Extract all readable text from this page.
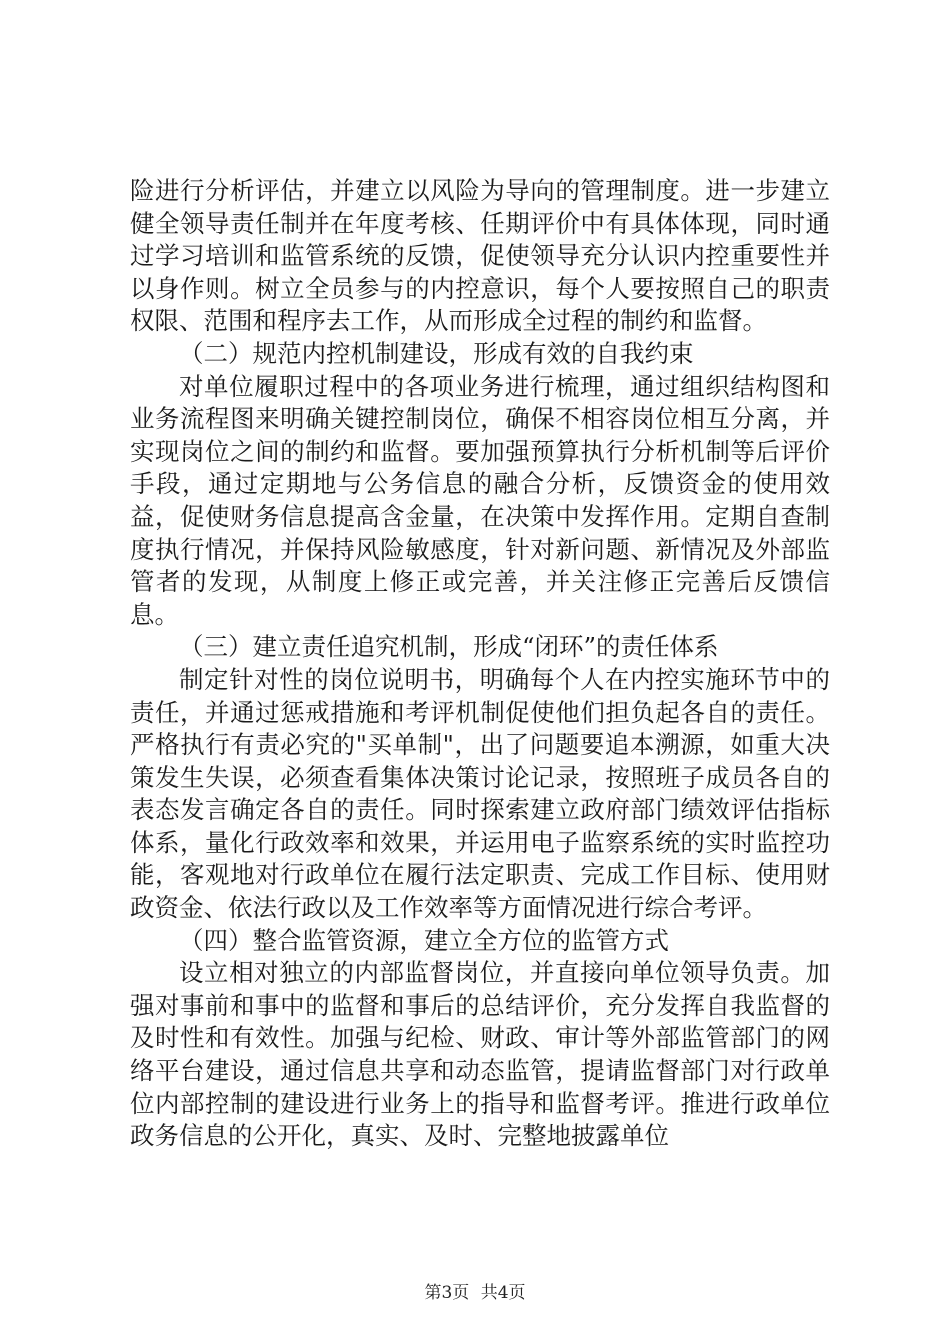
险进行分析评估，并建立以风险为导向的管理制度。进一步建立健全领导责任制并在年度考核、任期评价中有具体体现，同时通过学习培训和监管系统的反馈，促使领导充分认识内控重要性并以身作则。树立全员参与的内控意识，每个人要按照自己的职责权限、范围和程序去工作，从而形成全过程的制约和监督。

（二）规范内控机制建设，形成有效的自我约束

对单位履职过程中的各项业务进行梳理，通过组织结构图和业务流程图来明确关键控制岗位，确保不相容岗位相互分离，并实现岗位之间的制约和监督。要加强预算执行分析机制等后评价手段，通过定期地与公务信息的融合分析，反馈资金的使用效益，促使财务信息提高含金量，在决策中发挥作用。定期自查制度执行情况，并保持风险敏感度，针对新问题、新情况及外部监管者的发现，从制度上修正或完善，并关注修正完善后反馈信息。

（三）建立责任追究机制，形成“闭环”的责任体系

制定针对性的岗位说明书，明确每个人在内控实施环节中的责任，并通过惩戒措施和考评机制促使他们担负起各自的责任。严格执行有责必究的"买单制"，出了问题要追本溯源，如重大决策发生失误，必须查看集体决策讨论记录，按照班子成员各自的表态发言确定各自的责任。同时探索建立政府部门绩效评估指标体系，量化行政效率和效果，并运用电子监察系统的实时监控功能，客观地对行政单位在履行法定职责、完成工作目标、使用财政资金、依法行政以及工作效率等方面情况进行综合考评。

（四）整合监管资源，建立全方位的监管方式

设立相对独立的内部监督岗位，并直接向单位领导负责。加强对事前和事中的监督和事后的总结评价，充分发挥自我监督的及时性和有效性。加强与纪检、财政、审计等外部监管部门的网络平台建设，通过信息共享和动态监管，提请监督部门对行政单位内部控制的建设进行业务上的指导和监督考评。推进行政单位政务信息的公开化，真实、及时、完整地披露单位

第3页 共4页
